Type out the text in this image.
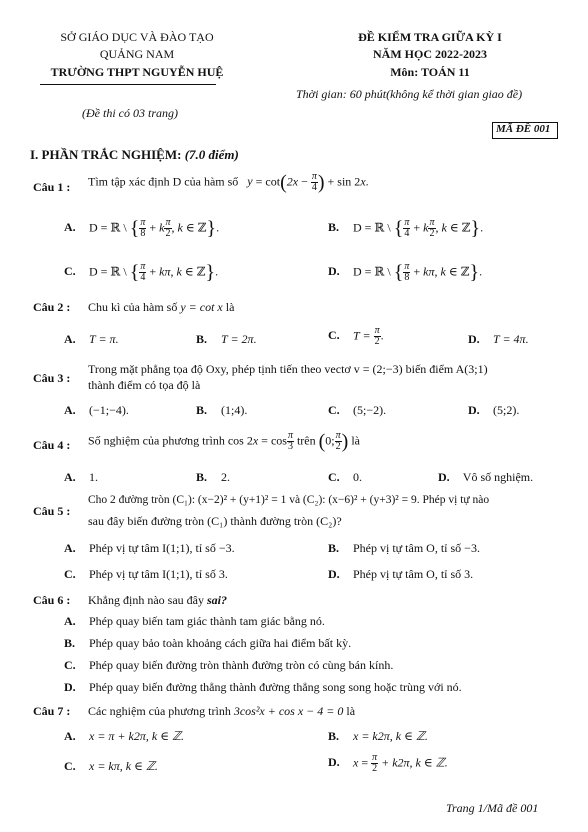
SỞ GIÁO DỤC VÀ ĐÀO TẠO
QUẢNG NAM
TRƯỜNG THPT NGUYỄN HUỆ
(Đề thi có 03 trang)
ĐỀ KIỂM TRA GIỮA KỲ I
NĂM HỌC 2022-2023
Môn: TOÁN 11
Thời gian: 60 phút(không kể thời gian giao đề)
MÃ ĐỀ 001
I. PHẦN TRẮC NGHIỆM: (7.0 điểm)
Câu 1 : Tìm tập xác định D của hàm số $y = \cot(2x - \frac{\pi}{4}$ ) + sin 2x.
A. D = ℝ \ { $\frac{\pi}{8} + k \frac{\pi}{2}$ , k ∈ ℤ}.	B. D = ℝ \ { $\frac{\pi}{4} + k \frac{\pi}{2}$ , k ∈ ℤ}.
C. D = ℝ \ { $\frac{\pi}{4} + k\pi$, k ∈ ℤ}.	D. D = ℝ \ { $\frac{\pi}{8} + k\pi$, k ∈ ℤ}.
Câu 2 : Chu kì của hàm số y = cot x là
A. T = π.	B. T = 2π.	C. $T = \frac{\pi}{2}$ .	D. T = 4π.
Câu 3 :
Trong mặt phẳng tọa độ Oxy, phép tịnh tiến theo vectơ v = (2;−3) biến điểm A(3;1)
thành điểm có tọa độ là
A. (−1;−4).	B. (1;4).	C. (5;−2).	D. (5;2).
Câu 4 : Số nghiệm của phương trình $\cos 2x = \cos \frac{\pi}{3}$ trên (0; $\frac{\pi}{2}$ ) là
A. 1.	B. 2.	C. 0.	D. Vô số nghiệm.
Câu 5 :
Cho 2 đường tròn (C₁): (x−2)² + (y+1)² = 1 và (C₂): (x−6)² + (y+3)² = 9. Phép vị tự nào
sau đây biến đường tròn (C₁) thành đường tròn (C₂)?
A. Phép vị tự tâm I(1;1), tỉ số −3.	B. Phép vị tự tâm O, tỉ số −3.
C. Phép vị tự tâm I(1;1), tỉ số 3.	D. Phép vị tự tâm O, tỉ số 3.
Câu 6 : Khẳng định nào sau đây sai?
A. Phép quay biến tam giác thành tam giác bằng nó.
B. Phép quay bảo toàn khoảng cách giữa hai điểm bất kỳ.
C. Phép quay biến đường tròn thành đường tròn có cùng bán kính.
D. Phép quay biến đường thẳng thành đường thẳng song song hoặc trùng với nó.
Câu 7 : Các nghiệm của phương trình 3cos²x + cos x − 4 = 0 là
A. x = π + k2π, k ∈ ℤ.	B. x = k2π, k ∈ ℤ.
C. x = kπ, k ∈ ℤ.	D. $x = \frac{\pi}{2} + k2\pi$, k ∈ ℤ.
Trang 1/Mã đề 001
